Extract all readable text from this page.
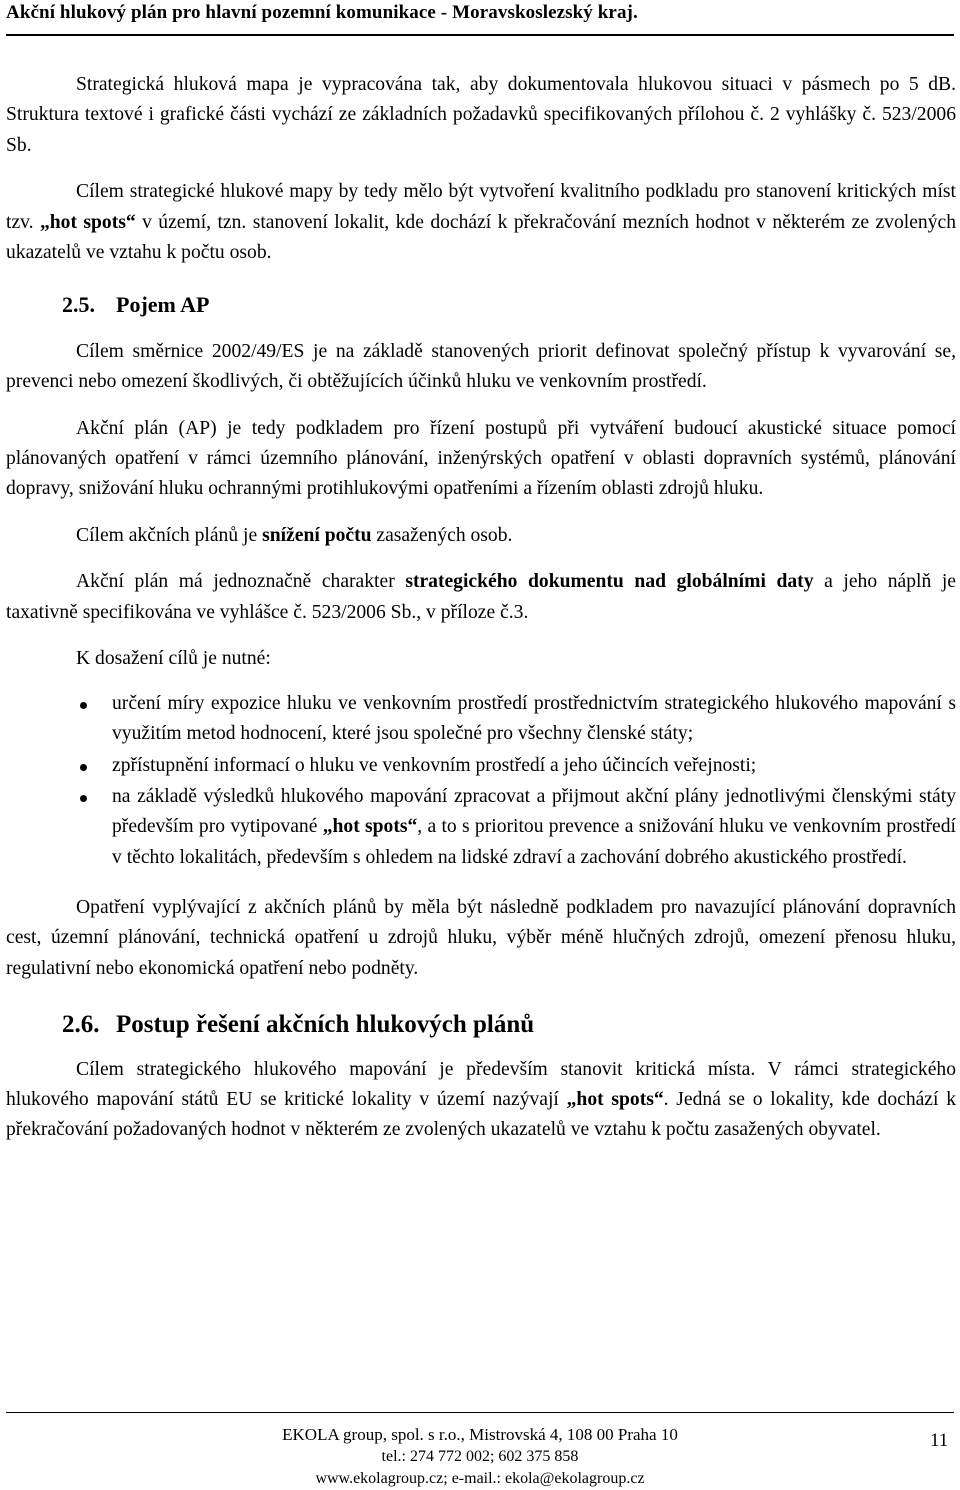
Akční hlukový plán pro hlavní pozemní komunikace - Moravskoslezský kraj.

Strategická hluková mapa je vypracována tak, aby dokumentovala hlukovou situaci v pásmech po 5 dB. Struktura textové i grafické části vychází ze základních požadavků specifikovaných přílohou č. 2 vyhlášky č. 523/2006 Sb.

Cílem strategické hlukové mapy by tedy mělo být vytvoření kvalitního podkladu pro stanovení kritických míst tzv. „hot spots“ v území, tzn. stanovení lokalit, kde dochází k překračování mezních hodnot v některém ze zvolených ukazatelů ve vztahu k počtu osob.

2.5. Pojem AP

Cílem směrnice 2002/49/ES je na základě stanovených priorit definovat společný přístup k vyvarování se, prevenci nebo omezení škodlivých, či obtěžujících účinků hluku ve venkovním prostředí.

Akční plán (AP) je tedy podkladem pro řízení postupů při vytváření budoucí akustické situace pomocí plánovaných opatření v rámci územního plánování, inženýrských opatření v oblasti dopravních systémů, plánování dopravy, snižování hluku ochrannými protihlukovými opatřeními a řízením oblasti zdrojů hluku.

Cílem akčních plánů je snížení počtu zasažených osob.

Akční plán má jednoznačně charakter strategického dokumentu nad globálními daty a jeho náplň je taxativně specifikována ve vyhlášce č. 523/2006 Sb., v příloze č.3.

K dosažení cílů je nutné:

určení míry expozice hluku ve venkovním prostředí prostřednictvím strategického hlukového mapování s využitím metod hodnocení, které jsou společné pro všechny členské státy;
zpřístupnění informací o hluku ve venkovním prostředí a jeho účincích veřejnosti;
na základě výsledků hlukového mapování zpracovat a přijmout akční plány jednotlivými členskými státy především pro vytipované „hot spots“, a to s prioritou prevence a snižování hluku ve venkovním prostředí v těchto lokalitách, především s ohledem na lidské zdraví a zachování dobrého akustického prostředí.

Opatření vyplývající z akčních plánů by měla být následně podkladem pro navazující plánování dopravních cest, územní plánování, technická opatření u zdrojů hluku, výběr méně hlučných zdrojů, omezení přenosu hluku, regulativní nebo ekonomická opatření nebo podněty.

2.6. Postup řešení akčních hlukových plánů

Cílem strategického hlukového mapování je především stanovit kritická místa. V rámci strategického hlukového mapování států EU se kritické lokality v území nazývají „hot spots“. Jedná se o lokality, kde dochází k překračování požadovaných hodnot v některém ze zvolených ukazatelů ve vztahu k počtu zasažených obyvatel.

EKOLA group, spol. s r.o., Mistrovská 4, 108 00 Praha 10
tel.: 274 772 002; 602 375 858
www.ekolagroup.cz; e-mail.: ekola@ekolagroup.cz
11
